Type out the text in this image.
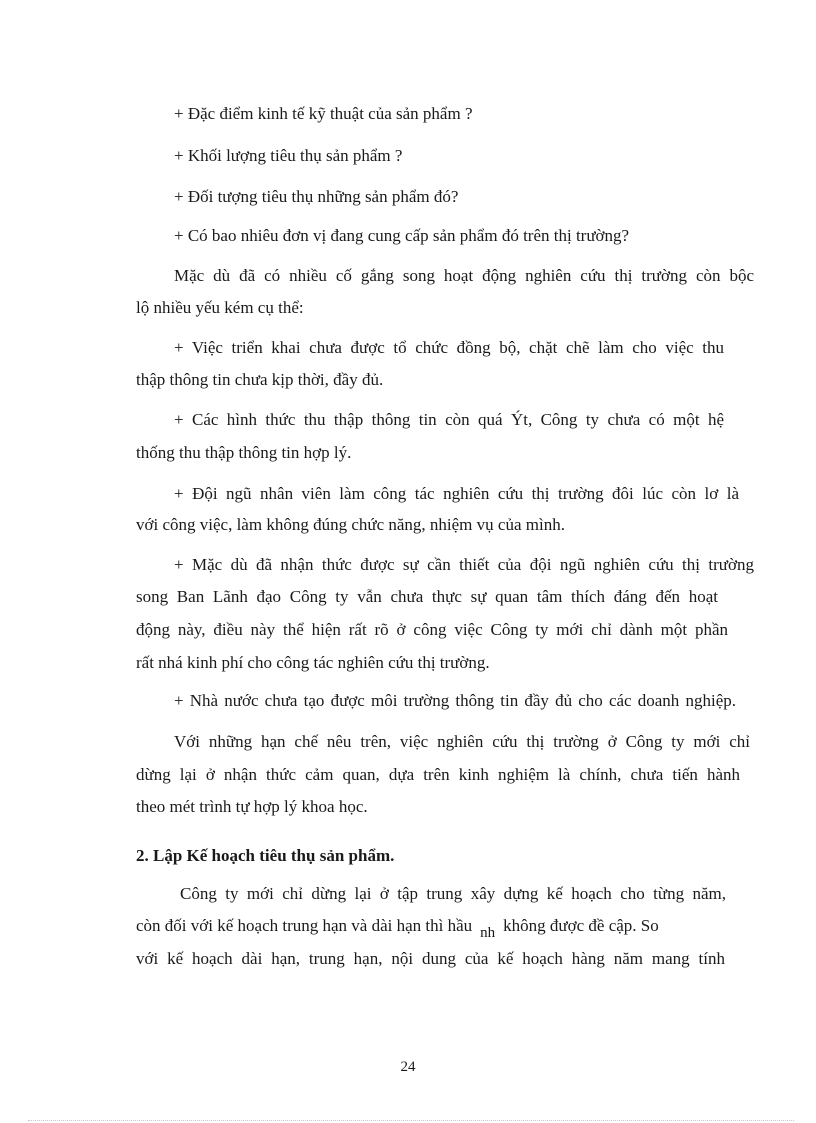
+ Đặc điểm kinh tế kỹ thuật của sản phẩm ?
+ Khối lượng tiêu thụ sản phẩm ?
+ Đối tượng tiêu thụ những sản phẩm đó?
+ Có bao nhiêu đơn vị đang cung cấp sản phẩm đó trên thị trường?
Mặc dù đã có nhiều cố gắng song hoạt động nghiên cứu thị trường còn bộc
lộ nhiều yếu kém cụ thể:
+ Việc triển khai chưa được tổ chức đồng bộ, chặt chẽ làm cho việc thu
thập thông tin chưa kịp thời, đầy đủ.
+ Các hình thức thu thập thông tin còn quá Ýt, Công ty chưa có một hệ
thống thu thập thông tin hợp lý.
+ Đội ngũ nhân viên làm công tác nghiên cứu thị trường đôi lúc còn lơ là
với công việc, làm không đúng chức năng, nhiệm vụ của mình.
+ Mặc dù đã nhận thức được sự cần thiết của đội ngũ nghiên cứu thị trường
song Ban Lãnh đạo Công ty vẫn chưa thực sự quan tâm thích đáng đến hoạt
động này, điều này thể hiện rất rõ ở công việc Công ty mới chỉ dành một phần
rất nhá kinh phí cho công tác nghiên cứu thị trường.
+ Nhà nước chưa tạo được môi trường thông tin đầy đủ cho các doanh nghiệp.
Với những hạn chế nêu trên, việc nghiên cứu thị trường ở Công ty mới chỉ
dừng lại ở nhận thức cảm quan, dựa trên kinh nghiệm là chính, chưa tiến hành
theo mét trình tự hợp lý khoa học.
2. Lập Kế hoạch tiêu thụ sản phẩm.
Công ty mới chỉ dừng lại ở tập trung xây dựng kế hoạch cho từng năm,
còn đối với kế hoạch trung hạn và dài hạn thì hầu nh không được đề cập. So
với kế hoạch dài hạn, trung hạn, nội dung của kế hoạch hàng năm mang tính
24
